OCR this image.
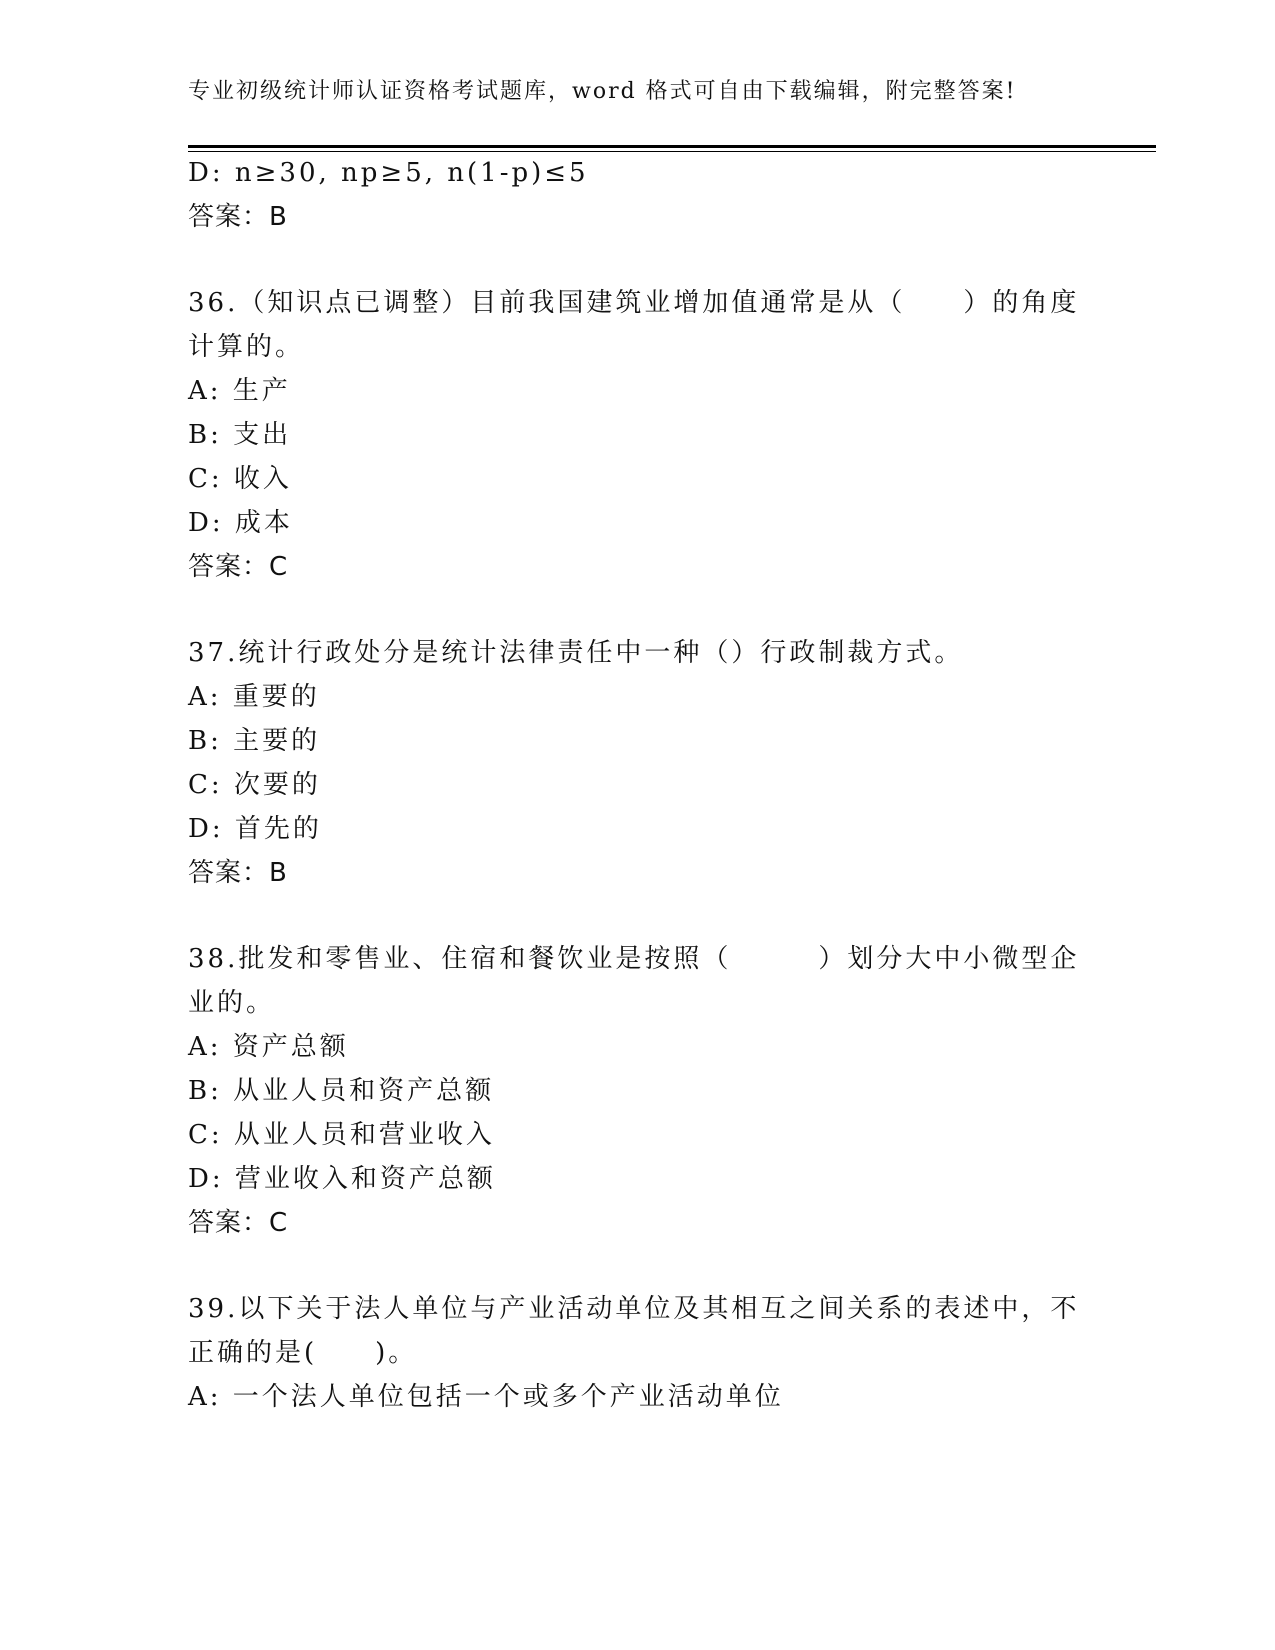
专业初级统计师认证资格考试题库，word 格式可自由下载编辑，附完整答案!
D: n≥30, np≥5, n(1-p)≤5
答案：B
36.（知识点已调整）目前我国建筑业增加值通常是从（　　）的角度
计算的。
A: 生产
B: 支出
C: 收入
D: 成本
答案：C
37.统计行政处分是统计法律责任中一种（）行政制裁方式。
A: 重要的
B: 主要的
C: 次要的
D: 首先的
答案：B
38.批发和零售业、住宿和餐饮业是按照（　　　）划分大中小微型企
业的。
A: 资产总额
B: 从业人员和资产总额
C: 从业人员和营业收入
D: 营业收入和资产总额
答案：C
39.以下关于法人单位与产业活动单位及其相互之间关系的表述中，不
正确的是(　　)。
A: 一个法人单位包括一个或多个产业活动单位
